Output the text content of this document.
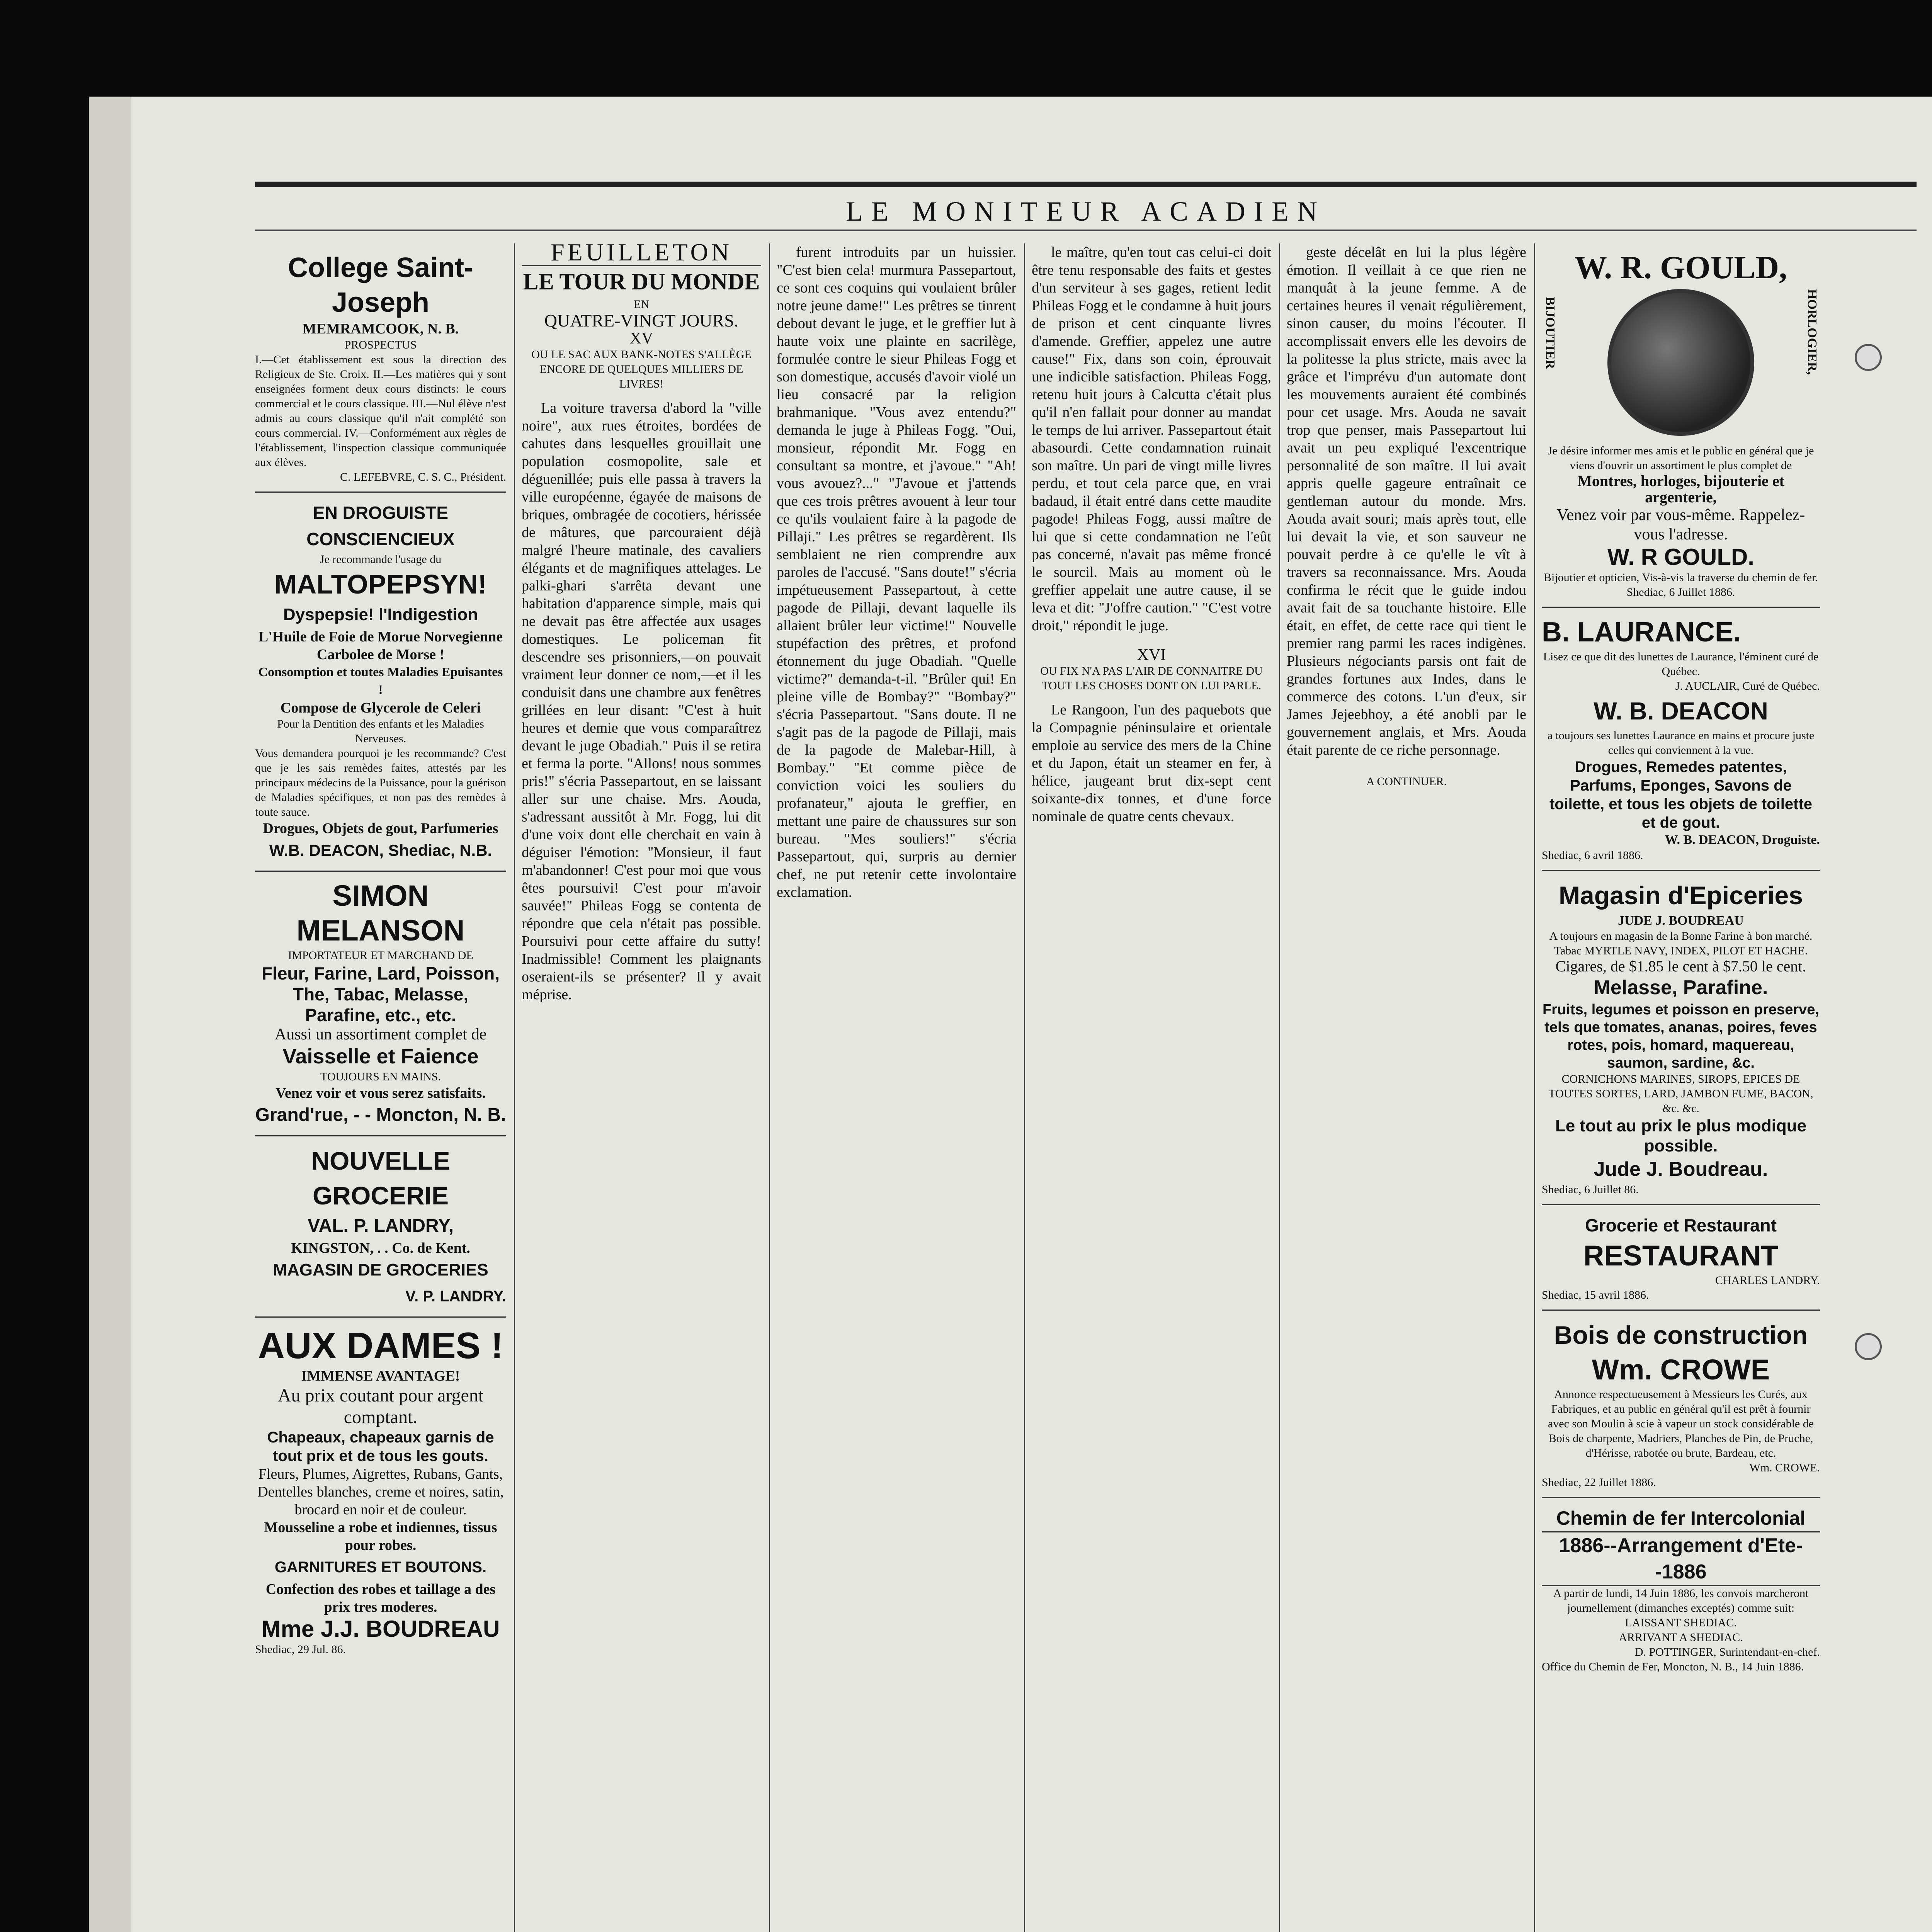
LE MONITEUR ACADIEN
College Saint-Joseph
MEMRAMCOOK, N. B.
PROSPECTUS
I.—Cet établissement est sous la direction des Religieux de Ste. Croix. II.—Les matières qui y sont enseignées forment deux cours distincts: le cours commercial et le cours classique. III.—Nul élève n'est admis au cours classique qu'il n'ait complété son cours commercial. IV.—Conformément aux règles de l'établissement, l'inspection classique communiquée aux élèves.
C. LEFEBVRE, C. S. C., Président.
EN DROGUISTE CONSCIENCIEUX
Je recommande l'usage du
MALTOPEPSYN!
Dyspepsie! l'Indigestion
L'Huile de Foie de Morue Norvegienne Carbolee de Morse !
Consomption et toutes Maladies Epuisantes !
Compose de Glycerole de Celeri
Pour la Dentition des enfants et les Maladies Nerveuses.
Vous demandera pourquoi je les recommande? C'est que je les sais remèdes faites, attestés par les principaux médecins de la Puissance, pour la guérison de Maladies spécifiques, et non pas des remèdes à toute sauce.
Drogues, Objets de gout, Parfumeries
W.B. DEACON, Shediac, N.B.
SIMON MELANSON
IMPORTATEUR ET MARCHAND DE
Fleur, Farine, Lard, Poisson, The, Tabac, Melasse, Parafine, etc., etc.
Aussi un assortiment complet de
Vaisselle et Faience
TOUJOURS EN MAINS.
Venez voir et vous serez satisfaits.
Grand'rue, - - Moncton, N. B.
NOUVELLE GROCERIE
VAL. P. LANDRY,
KINGSTON, . . Co. de Kent.
MAGASIN DE GROCERIES
V. P. LANDRY.
AUX DAMES !
IMMENSE AVANTAGE!
Au prix coutant pour argent comptant.
Chapeaux, chapeaux garnis de tout prix et de tous les gouts.
Fleurs, Plumes, Aigrettes, Rubans, Gants, Dentelles blanches, creme et noires, satin, brocard en noir et de couleur.
Mousseline a robe et indiennes, tissus pour robes.
GARNITURES ET BOUTONS.
Confection des robes et taillage a des prix tres moderes.
Mme J.J. BOUDREAU
Shediac, 29 Jul. 86.
FEUILLETON
LE TOUR DU MONDE
EN
QUATRE-VINGT JOURS.
XV
OU LE SAC AUX BANK-NOTES S'ALLÈGE ENCORE DE QUELQUES MILLIERS DE LIVRES!

La voiture traversa d'abord la "ville noire", aux rues étroites, bordées de cahutes dans lesquelles grouillait une population cosmopolite, sale et déguenillée; puis elle passa à travers la ville européenne, égayée de maisons de briques, ombragée de cocotiers, hérissée de mâtures, que parcouraient déjà malgré l'heure matinale, des cavaliers élégants et de magnifiques attelages. Le palki-ghari s'arrêta devant une habitation d'apparence simple, mais qui ne devait pas être affectée aux usages domestiques. Le policeman fit descendre ses prisonniers,—on pouvait vraiment leur donner ce nom,—et il les conduisit dans une chambre aux fenêtres grillées en leur disant: "C'est à huit heures et demie que vous comparaîtrez devant le juge Obadiah." Puis il se retira et ferma la porte. "Allons! nous sommes pris!" s'écria Passepartout, en se laissant aller sur une chaise. Mrs. Aouda, s'adressant aussitôt à Mr. Fogg, lui dit d'une voix dont elle cherchait en vain à déguiser l'émotion: "Monsieur, il faut m'abandonner! C'est pour moi que vous êtes poursuivi! C'est pour m'avoir sauvée!" Phileas Fogg se contenta de répondre que cela n'était pas possible. Poursuivi pour cette affaire du sutty! Inadmissible! Comment les plaignants oseraient-ils se présenter? Il y avait méprise.

furent introduits par un huissier. "C'est bien cela! murmura Passepartout, ce sont ces coquins qui voulaient brûler notre jeune dame!" Les prêtres se tinrent debout devant le juge, et le greffier lut à haute voix une plainte en sacrilège, formulée contre le sieur Phileas Fogg et son domestique, accusés d'avoir violé un lieu consacré par la religion brahmanique. "Vous avez entendu?" demanda le juge à Phileas Fogg. "Oui, monsieur, répondit Mr. Fogg en consultant sa montre, et j'avoue." "Ah! vous avouez?..." "J'avoue et j'attends que ces trois prêtres avouent à leur tour ce qu'ils voulaient faire à la pagode de Pillaji." Les prêtres se regardèrent. Ils semblaient ne rien comprendre aux paroles de l'accusé. "Sans doute!" s'écria impétueusement Passepartout, à cette pagode de Pillaji, devant laquelle ils allaient brûler leur victime!" Nouvelle stupéfaction des prêtres, et profond étonnement du juge Obadiah. "Quelle victime?" demanda-t-il. "Brûler qui! En pleine ville de Bombay?" "Bombay?" s'écria Passepartout. "Sans doute. Il ne s'agit pas de la pagode de Pillaji, mais de la pagode de Malebar-Hill, à Bombay." "Et comme pièce de conviction voici les souliers du profanateur," ajouta le greffier, en mettant une paire de chaussures sur son bureau. "Mes souliers!" s'écria Passepartout, qui, surpris au dernier chef, ne put retenir cette involontaire exclamation.

le maître, qu'en tout cas celui-ci doit être tenu responsable des faits et gestes d'un serviteur à ses gages, retient ledit Phileas Fogg et le condamne à huit jours de prison et cent cinquante livres d'amende. Greffier, appelez une autre cause!" Fix, dans son coin, éprouvait une indicible satisfaction. Phileas Fogg, retenu huit jours à Calcutta c'était plus qu'il n'en fallait pour donner au mandat le temps de lui arriver. Passepartout était abasourdi. Cette condamnation ruinait son maître. Un pari de vingt mille livres perdu, et tout cela parce que, en vrai badaud, il était entré dans cette maudite pagode! Phileas Fogg, aussi maître de lui que si cette condamnation ne l'eût pas concerné, n'avait pas même froncé le sourcil. Mais au moment où le greffier appelait une autre cause, il se leva et dit: "J'offre caution." "C'est votre droit," répondit le juge.

XVI
OU FIX N'A PAS L'AIR DE CONNAITRE DU TOUT LES CHOSES DONT ON LUI PARLE.

Le Rangoon, l'un des paquebots que la Compagnie péninsulaire et orientale emploie au service des mers de la Chine et du Japon, était un steamer en fer, à hélice, jaugeant brut dix-sept cent soixante-dix tonnes, et d'une force nominale de quatre cents chevaux.

geste décelât en lui la plus légère émotion. Il veillait à ce que rien ne manquât à la jeune femme. A de certaines heures il venait régulièrement, sinon causer, du moins l'écouter. Il accomplissait envers elle les devoirs de la politesse la plus stricte, mais avec la grâce et l'imprévu d'un automate dont les mouvements auraient été combinés pour cet usage. Mrs. Aouda ne savait trop que penser, mais Passepartout lui avait un peu expliqué l'excentrique personnalité de son maître. Il lui avait appris quelle gageure entraînait ce gentleman autour du monde. Mrs. Aouda avait souri; mais après tout, elle lui devait la vie, et son sauveur ne pouvait perdre à ce qu'elle le vît à travers sa reconnaissance. Mrs. Aouda confirma le récit que le guide indou avait fait de sa touchante histoire. Elle était, en effet, de cette race qui tient le premier rang parmi les races indigènes. Plusieurs négociants parsis ont fait de grandes fortunes aux Indes, dans le commerce des cotons. L'un d'eux, sir James Jejeebhoy, a été anobli par le gouvernement anglais, et Mrs. Aouda était parente de ce riche personnage.

A CONTINUER.
W. R. GOULD,
BIJOUTIER	HORLOGIER,
Je désire informer mes amis et le public en général que je viens d'ouvrir un assortiment le plus complet de
Montres, horloges, bijouterie et argenterie,
Venez voir par vous-même. Rappelez-vous l'adresse.
W. R GOULD.
Bijoutier et opticien, Vis-à-vis la traverse du chemin de fer. Shediac, 6 Juillet 1886.
B. LAURANCE.
Lisez ce que dit des lunettes de Laurance, l'éminent curé de Québec.
J. AUCLAIR, Curé de Québec.
W. B. DEACON
a toujours ses lunettes Laurance en mains et procure juste celles qui conviennent à la vue.
Drogues, Remedes patentes, Parfums, Eponges, Savons de toilette, et tous les objets de toilette et de gout.
W. B. DEACON, Droguiste.
Shediac, 6 avril 1886.
Magasin d'Epiceries
JUDE J. BOUDREAU
A toujours en magasin de la Bonne Farine à bon marché.
Tabac MYRTLE NAVY, INDEX, PILOT ET HACHE.
Cigares, de $1.85 le cent à $7.50 le cent.
Melasse, Parafine.
Fruits, legumes et poisson en preserve, tels que tomates, ananas, poires, feves rotes, pois, homard, maquereau, saumon, sardine, &c.
CORNICHONS MARINES, SIROPS, EPICES DE TOUTES SORTES, LARD, JAMBON FUME, BACON, &c. &c.
Le tout au prix le plus modique possible.
Jude J. Boudreau.
Shediac, 6 Juillet 86.
Grocerie et Restaurant
RESTAURANT
CHARLES LANDRY.
Shediac, 15 avril 1886.
Bois de construction
Wm. CROWE
Annonce respectueusement à Messieurs les Curés, aux Fabriques, et au public en général qu'il est prêt à fournir avec son Moulin à scie à vapeur un stock considérable de Bois de charpente, Madriers, Planches de Pin, de Pruche, d'Hérisse, rabotée ou brute, Bardeau, etc.
Wm. CROWE.
Shediac, 22 Juillet 1886.
Chemin de fer Intercolonial
1886--Arrangement d'Ete--1886
A partir de lundi, 14 Juin 1886, les convois marcheront journellement (dimanches exceptés) comme suit:
LAISSANT SHEDIAC.
ARRIVANT A SHEDIAC.
D. POTTINGER, Surintendant-en-chef.
Office du Chemin de Fer, Moncton, N. B., 14 Juin 1886.
